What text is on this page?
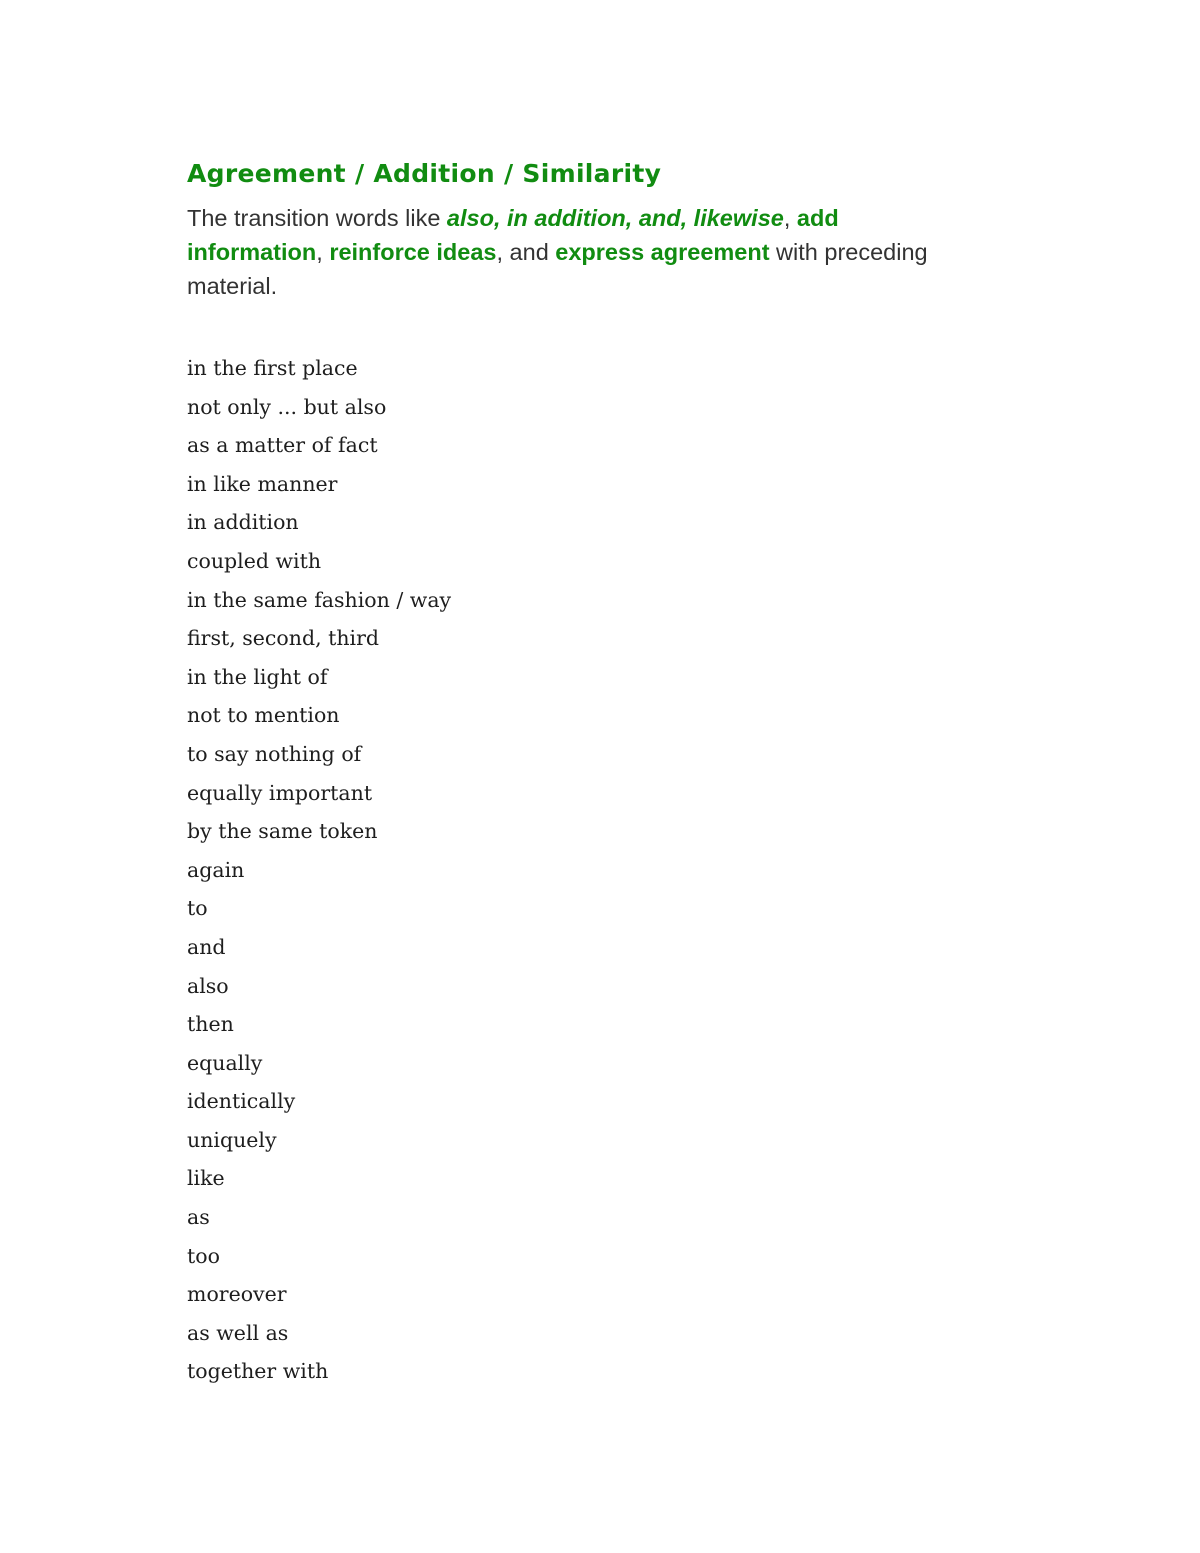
Agreement / Addition / Similarity

The transition words like also, in addition, and, likewise, add information, reinforce ideas, and express agreement with preceding material.

in the first place
not only ... but also
as a matter of fact
in like manner
in addition
coupled with
in the same fashion / way
first, second, third
in the light of
not to mention
to say nothing of
equally important
by the same token
again
to
and
also
then
equally
identically
uniquely
like
as
too
moreover
as well as
together with
